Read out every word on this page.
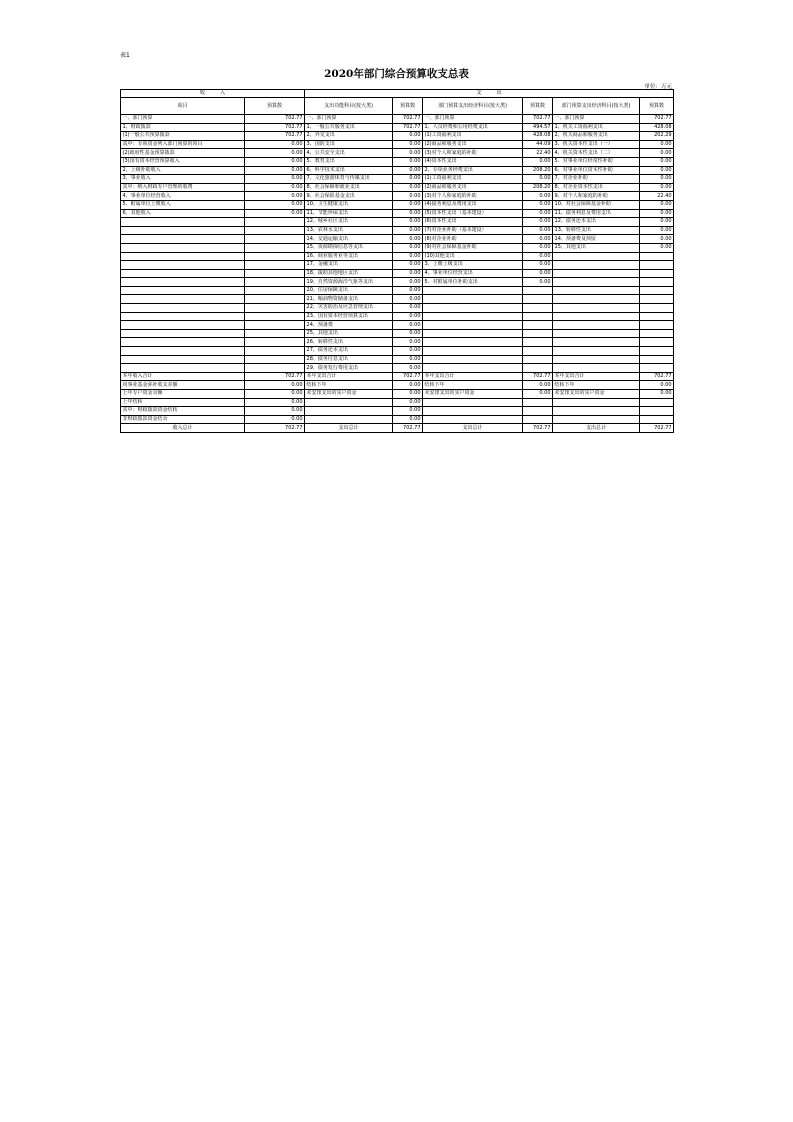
表1
2020年部门综合预算收支总表
单位：万元
收　　　入		支　　　出					
项目	预算数	支出功能科目(按大类)	预算数	部门预算支出经济科目(按大类)	预算数	部门预算支出经济科目(按大类)	预算数
一、部门预算	702.77	一、部门预算	702.77	一、部门预算	702.77	一、部门预算	702.77
1、财政拨款	702.77	1、一般公共服务支出	702.77	1、人员经费和公用经费支出	494.57	1、机关工资福利支出	428.08
(1)一般公共预算拨款	702.77	2、外交支出	0.00	(1)工资福利支出	428.08	2、机关商品和服务支出	202.29
其中：专项资金列入部门预算的项目	0.00	3、国防支出	0.00	(2)商品和服务支出	44.09	3、机关资本性支出（一）	0.00
(2)政府性基金预算拨款	0.00	4、公共安全支出	0.00	(3)对个人和家庭的补助	22.40	4、机关资本性支出（二）	0.00
(3)国有资本经营预算收入	0.00	5、教育支出	0.00	(4)资本性支出	0.00	5、对事业单位经常性补助	0.00
2、上级补助收入	0.00	6、科学技术支出	0.00	2、专项业务经费支出	208.20	6、对事业单位资本性补助	0.00
3、事业收入	0.00	7、文化旅游体育与传媒支出	0.00	(1)工资福利支出	0.00	7、对企业补助	0.00
其中：纳入财政专户管理的收费	0.00	8、社会保障和就业支出	0.00	(2)商品和服务支出	208.20	8、对企业资本性支出	0.00
4、事业单位经营收入	0.00	9、社会保险基金支出	0.00	(3)对个人和家庭的补助	0.00	9、对个人和家庭的补助	22.40
5、附属单位上缴收入	0.00	10、卫生健康支出	0.00	(4)债务利息及费用支出	0.00	10、对社会保障基金补助	0.00
6、其他收入	0.00	11、节能环保支出	0.00	(5)资本性支出（基本建设）	0.00	11、债务利息及费用支出	0.00
		12、城乡社区支出	0.00	(6)资本性支出	0.00	12、债务还本支出	0.00
		13、农林水支出	0.00	(7)对企业补助（基本建设）	0.00	13、转移性支出	0.00
		14、交通运输支出	0.00	(8)对企业补助	0.00	14、预备费及预留	0.00
		15、资源勘探信息等支出	0.00	(9)对社会保障基金补助	0.00	15、其他支出	0.00
		16、商业服务业等支出	0.00	(10)其他支出	0.00		
		17、金融支出	0.00	3、上缴上级支出	0.00		
		18、援助其他地区支出	0.00	4、事业单位经营支出	0.00		
		19、自然资源海洋气象等支出	0.00	5、对附属单位补助支出	0.00		
		20、住房保障支出	0.00				
		21、粮油物资储备支出	0.00				
		22、灾害防治及应急管理支出	0.00				
		23、国有资本经营预算支出	0.00				
		24、预备费	0.00				
		25、其他支出	0.00				
		26、转移性支出	0.00				
		27、债务还本支出	0.00				
		28、债务付息支出	0.00				
		29、债务发行费用支出	0.00				
本年收入合计	702.77	本年支出合计	702.77	本年支出合计	702.77	本年支出合计	702.77
用事业基金弥补收支差额	0.00	结转下年	0.00	结转下年	0.00	结转下年	0.00
上年专户资金余额	0.00	未安排支出的实户资金	0.00	未安排支出的实户资金	0.00	未安排支出的实户资金	0.00
上年结转	0.00		0.00				
其中：财政拨款资金结转	0.00		0.00				
非财政拨款资金结余	0.00		0.00				
收入总计	702.77	支出总计	702.77	支出总计	702.77	支出总计	702.77
